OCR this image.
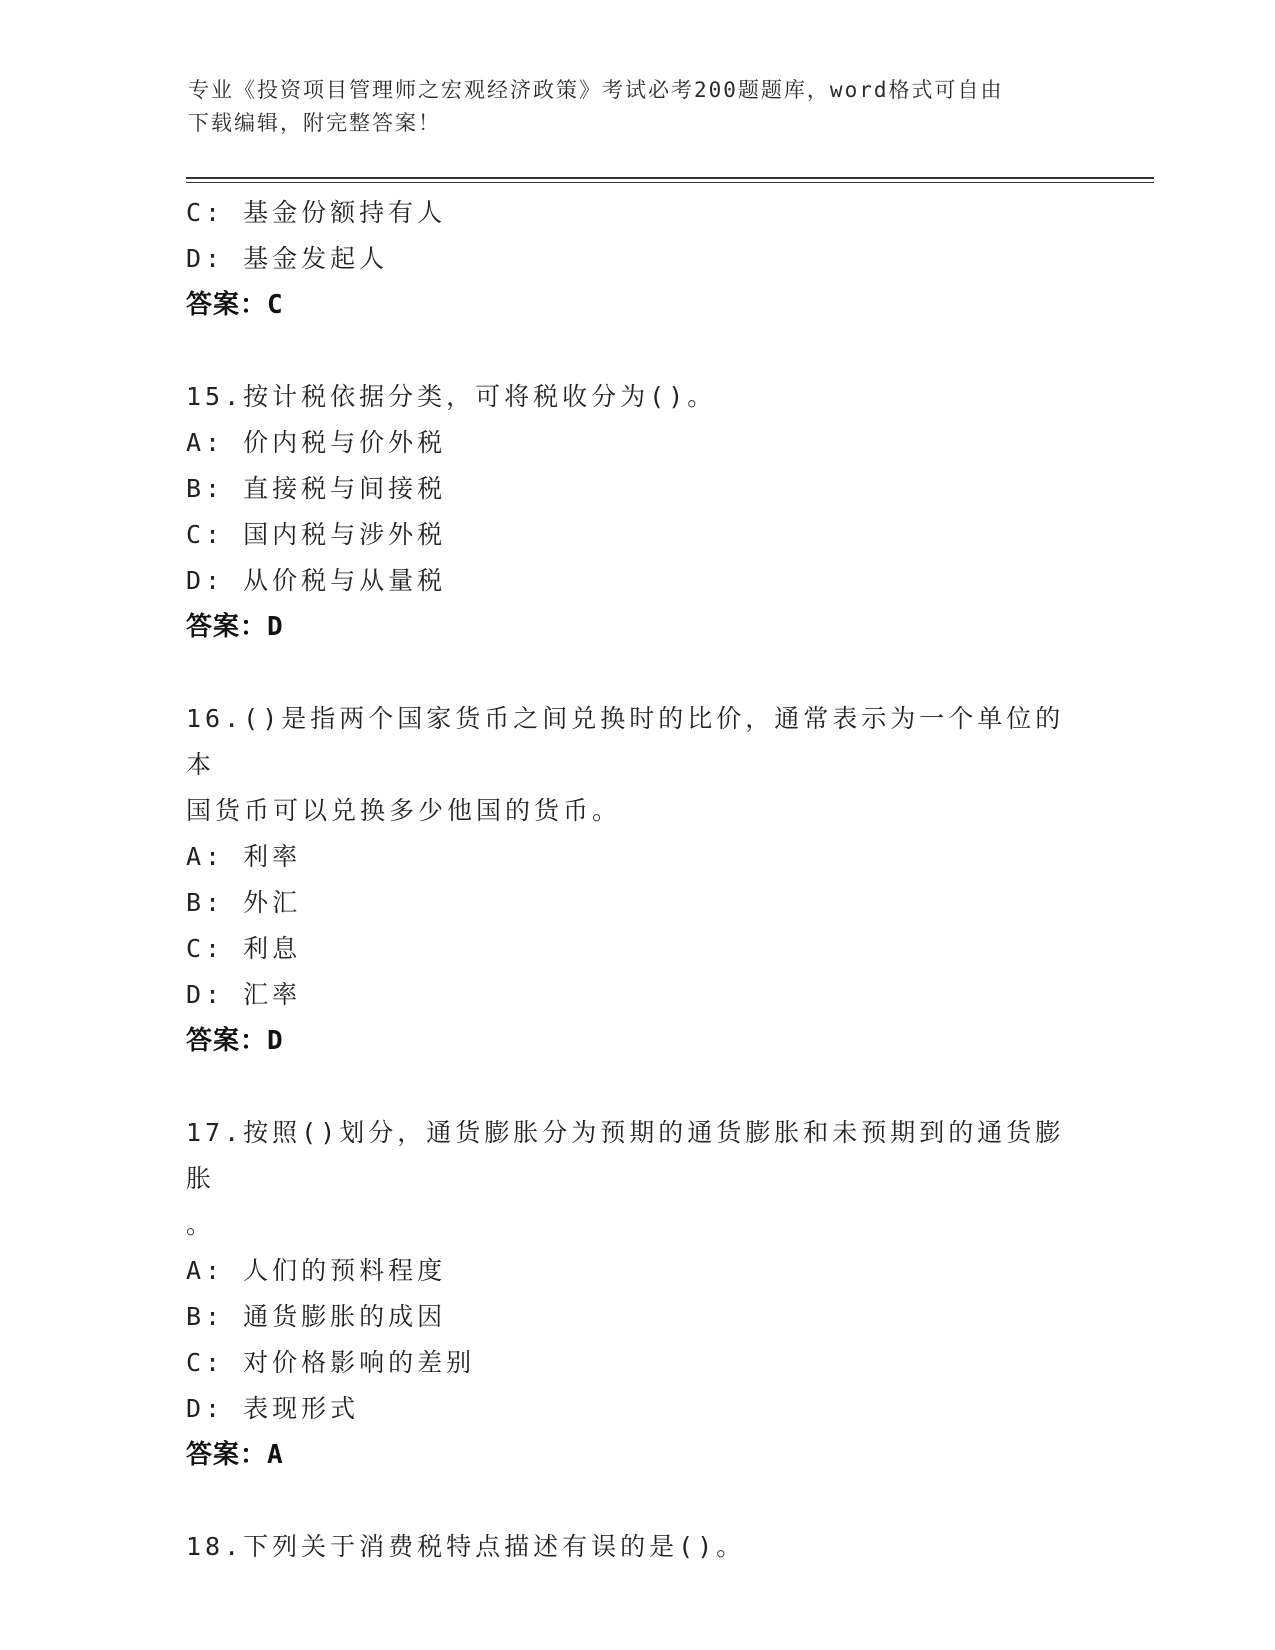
专业《投资项目管理师之宏观经济政策》考试必考200题题库，word格式可自由
下载编辑，附完整答案！
C: 基金份额持有人
D: 基金发起人
答案：C
15.按计税依据分类，可将税收分为()。
A: 价内税与价外税
B: 直接税与间接税
C: 国内税与涉外税
D: 从价税与从量税
答案：D
16.()是指两个国家货币之间兑换时的比价，通常表示为一个单位的本
国货币可以兑换多少他国的货币。
A: 利率
B: 外汇
C: 利息
D: 汇率
答案：D
17.按照()划分，通货膨胀分为预期的通货膨胀和未预期到的通货膨胀
。
A: 人们的预料程度
B: 通货膨胀的成因
C: 对价格影响的差别
D: 表现形式
答案：A
18.下列关于消费税特点描述有误的是()。
